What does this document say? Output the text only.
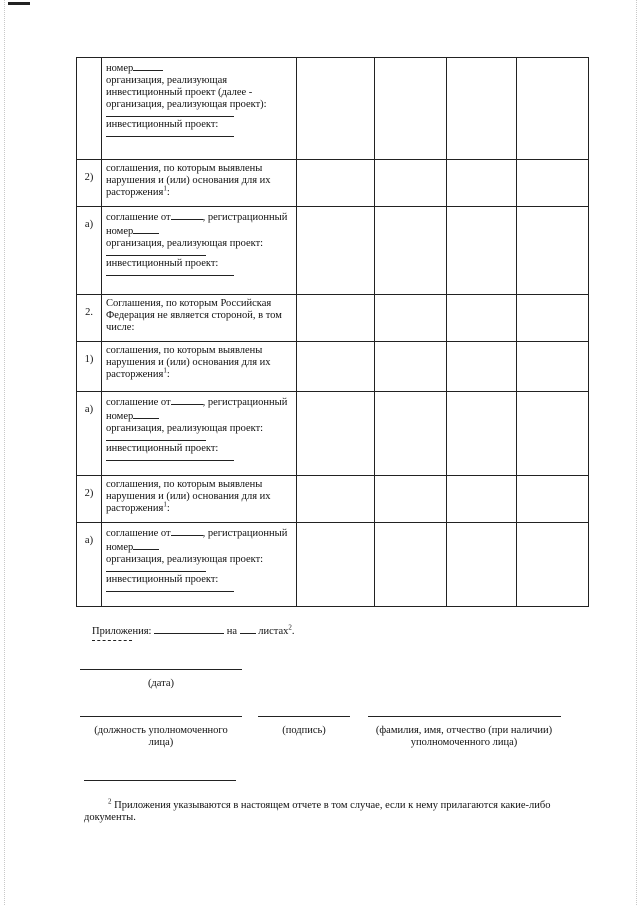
	номер
организация, реализующая
инвестиционный проект (далее -
организация, реализующая проект):
инвестиционный проект:

2)	соглашения, по которым выявлены
нарушения и (или) основания для их
расторжения$^1$:				
а)	соглашение от , регистрационный
номер
организация, реализующая проект:
инвестиционный проект:

2.	Соглашения, по которым Российская
Федерация не является стороной, в том
числе:				
1)	соглашения, по которым выявлены
нарушения и (или) основания для их
расторжения$^1$:				
а)	соглашение от , регистрационный
номер
организация, реализующая проект:
инвестиционный проект:

2)	соглашения, по которым выявлены
нарушения и (или) основания для их
расторжения$^1$:				
а)	соглашение от , регистрационный
номер
организация, реализующая проект:
инвестиционный проект:

Приложения:	на листах$^2$.
(дата)
(должность уполномоченного
лица)
(подпись)	(фамилия, имя, отчество (при наличии)
уполномоченного лица)
$^2$ Приложения указываются в настоящем отчете в том случае, если к нему прилагаются какие-либо
документы.
